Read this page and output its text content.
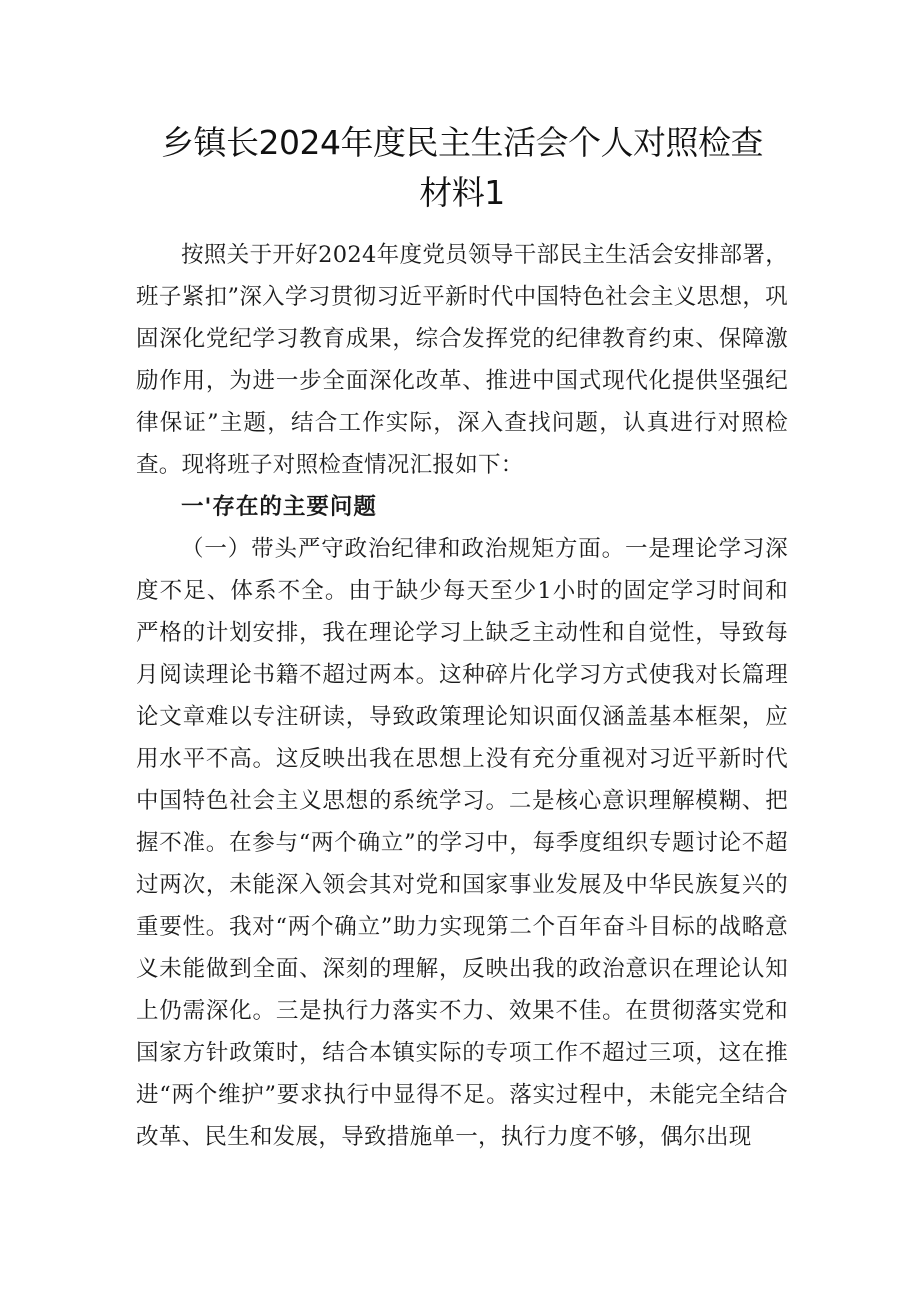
乡镇长2024年度民主生活会个人对照检查
材料1

按照关于开好2024年度党员领导干部民主生活会安排部署，班子紧扣”深入学习贯彻习近平新时代中国特色社会主义思想，巩固深化党纪学习教育成果，综合发挥党的纪律教育约束、保障激励作用，为进一步全面深化改革、推进中国式现代化提供坚强纪律保证”主题，结合工作实际，深入查找问题，认真进行对照检查。现将班子对照检查情况汇报如下：

一'存在的主要问题

（一）带头严守政治纪律和政治规矩方面。一是理论学习深度不足、体系不全。由于缺少每天至少1小时的固定学习时间和严格的计划安排，我在理论学习上缺乏主动性和自觉性，导致每月阅读理论书籍不超过两本。这种碎片化学习方式使我对长篇理论文章难以专注研读，导致政策理论知识面仅涵盖基本框架，应用水平不高。这反映出我在思想上没有充分重视对习近平新时代中国特色社会主义思想的系统学习。二是核心意识理解模糊、把握不准。在参与“两个确立”的学习中，每季度组织专题讨论不超过两次，未能深入领会其对党和国家事业发展及中华民族复兴的重要性。我对“两个确立”助力实现第二个百年奋斗目标的战略意义未能做到全面、深刻的理解，反映出我的政治意识在理论认知上仍需深化。三是执行力落实不力、效果不佳。在贯彻落实党和国家方针政策时，结合本镇实际的专项工作不超过三项，这在推进“两个维护”要求执行中显得不足。落实过程中，未能完全结合改革、民生和发展，导致措施单一，执行力度不够，偶尔出现
